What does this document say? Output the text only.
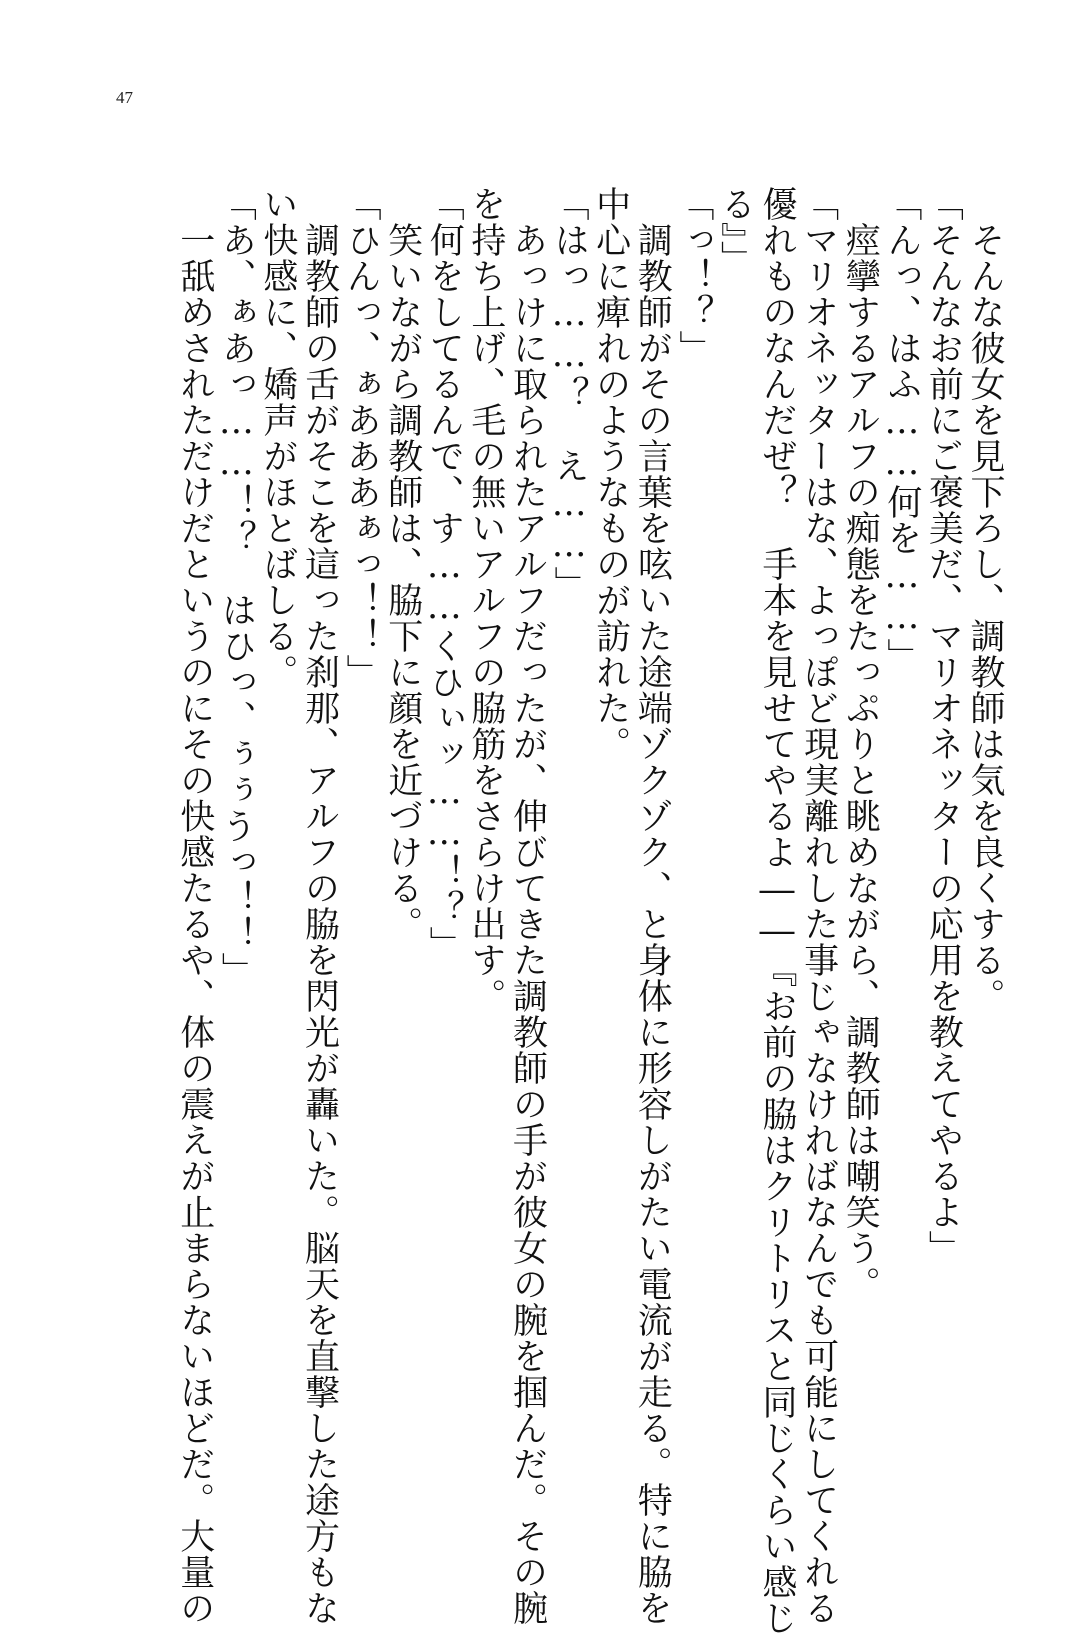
47
　そんな彼女を見下ろし、調教師は気を良くする。
「そんなお前にご褒美だ、マリオネッターの応用を教えてやるよ」
「んっ、はふ……何を……」
　痙攣するアルフの痴態をたっぷりと眺めながら、調教師は嘲笑う。
「マリオネッターはな、よっぽど現実離れした事じゃなければなんでも可能にしてくれる
優れものなんだぜ？　手本を見せてやるよ――『お前の脇はクリトリスと同じくらい感じ
る』」
「っ！？」
　調教師がその言葉を呟いた途端ゾクゾク、と身体に形容しがたい電流が走る。特に脇を
中心に痺れのようなものが訪れた。
「はっ……？　え……」
　あっけに取られたアルフだったが、伸びてきた調教師の手が彼女の腕を掴んだ。その腕
を持ち上げ、毛の無いアルフの脇筋をさらけ出す。
「何をしてるんで、す……くひぃッ……！？」
　笑いながら調教師は、脇下に顔を近づける。
「ひんっ、ぁあああぁっ！！」
　調教師の舌がそこを這った刹那、アルフの脇を閃光が轟いた。脳天を直撃した途方もな
い快感に、嬌声がほとばしる。
「あ、ぁあっ……！？　はひっ、ぅぅうっ！！」
　一舐めされただけだというのにその快感たるや、体の震えが止まらないほどだ。大量の
